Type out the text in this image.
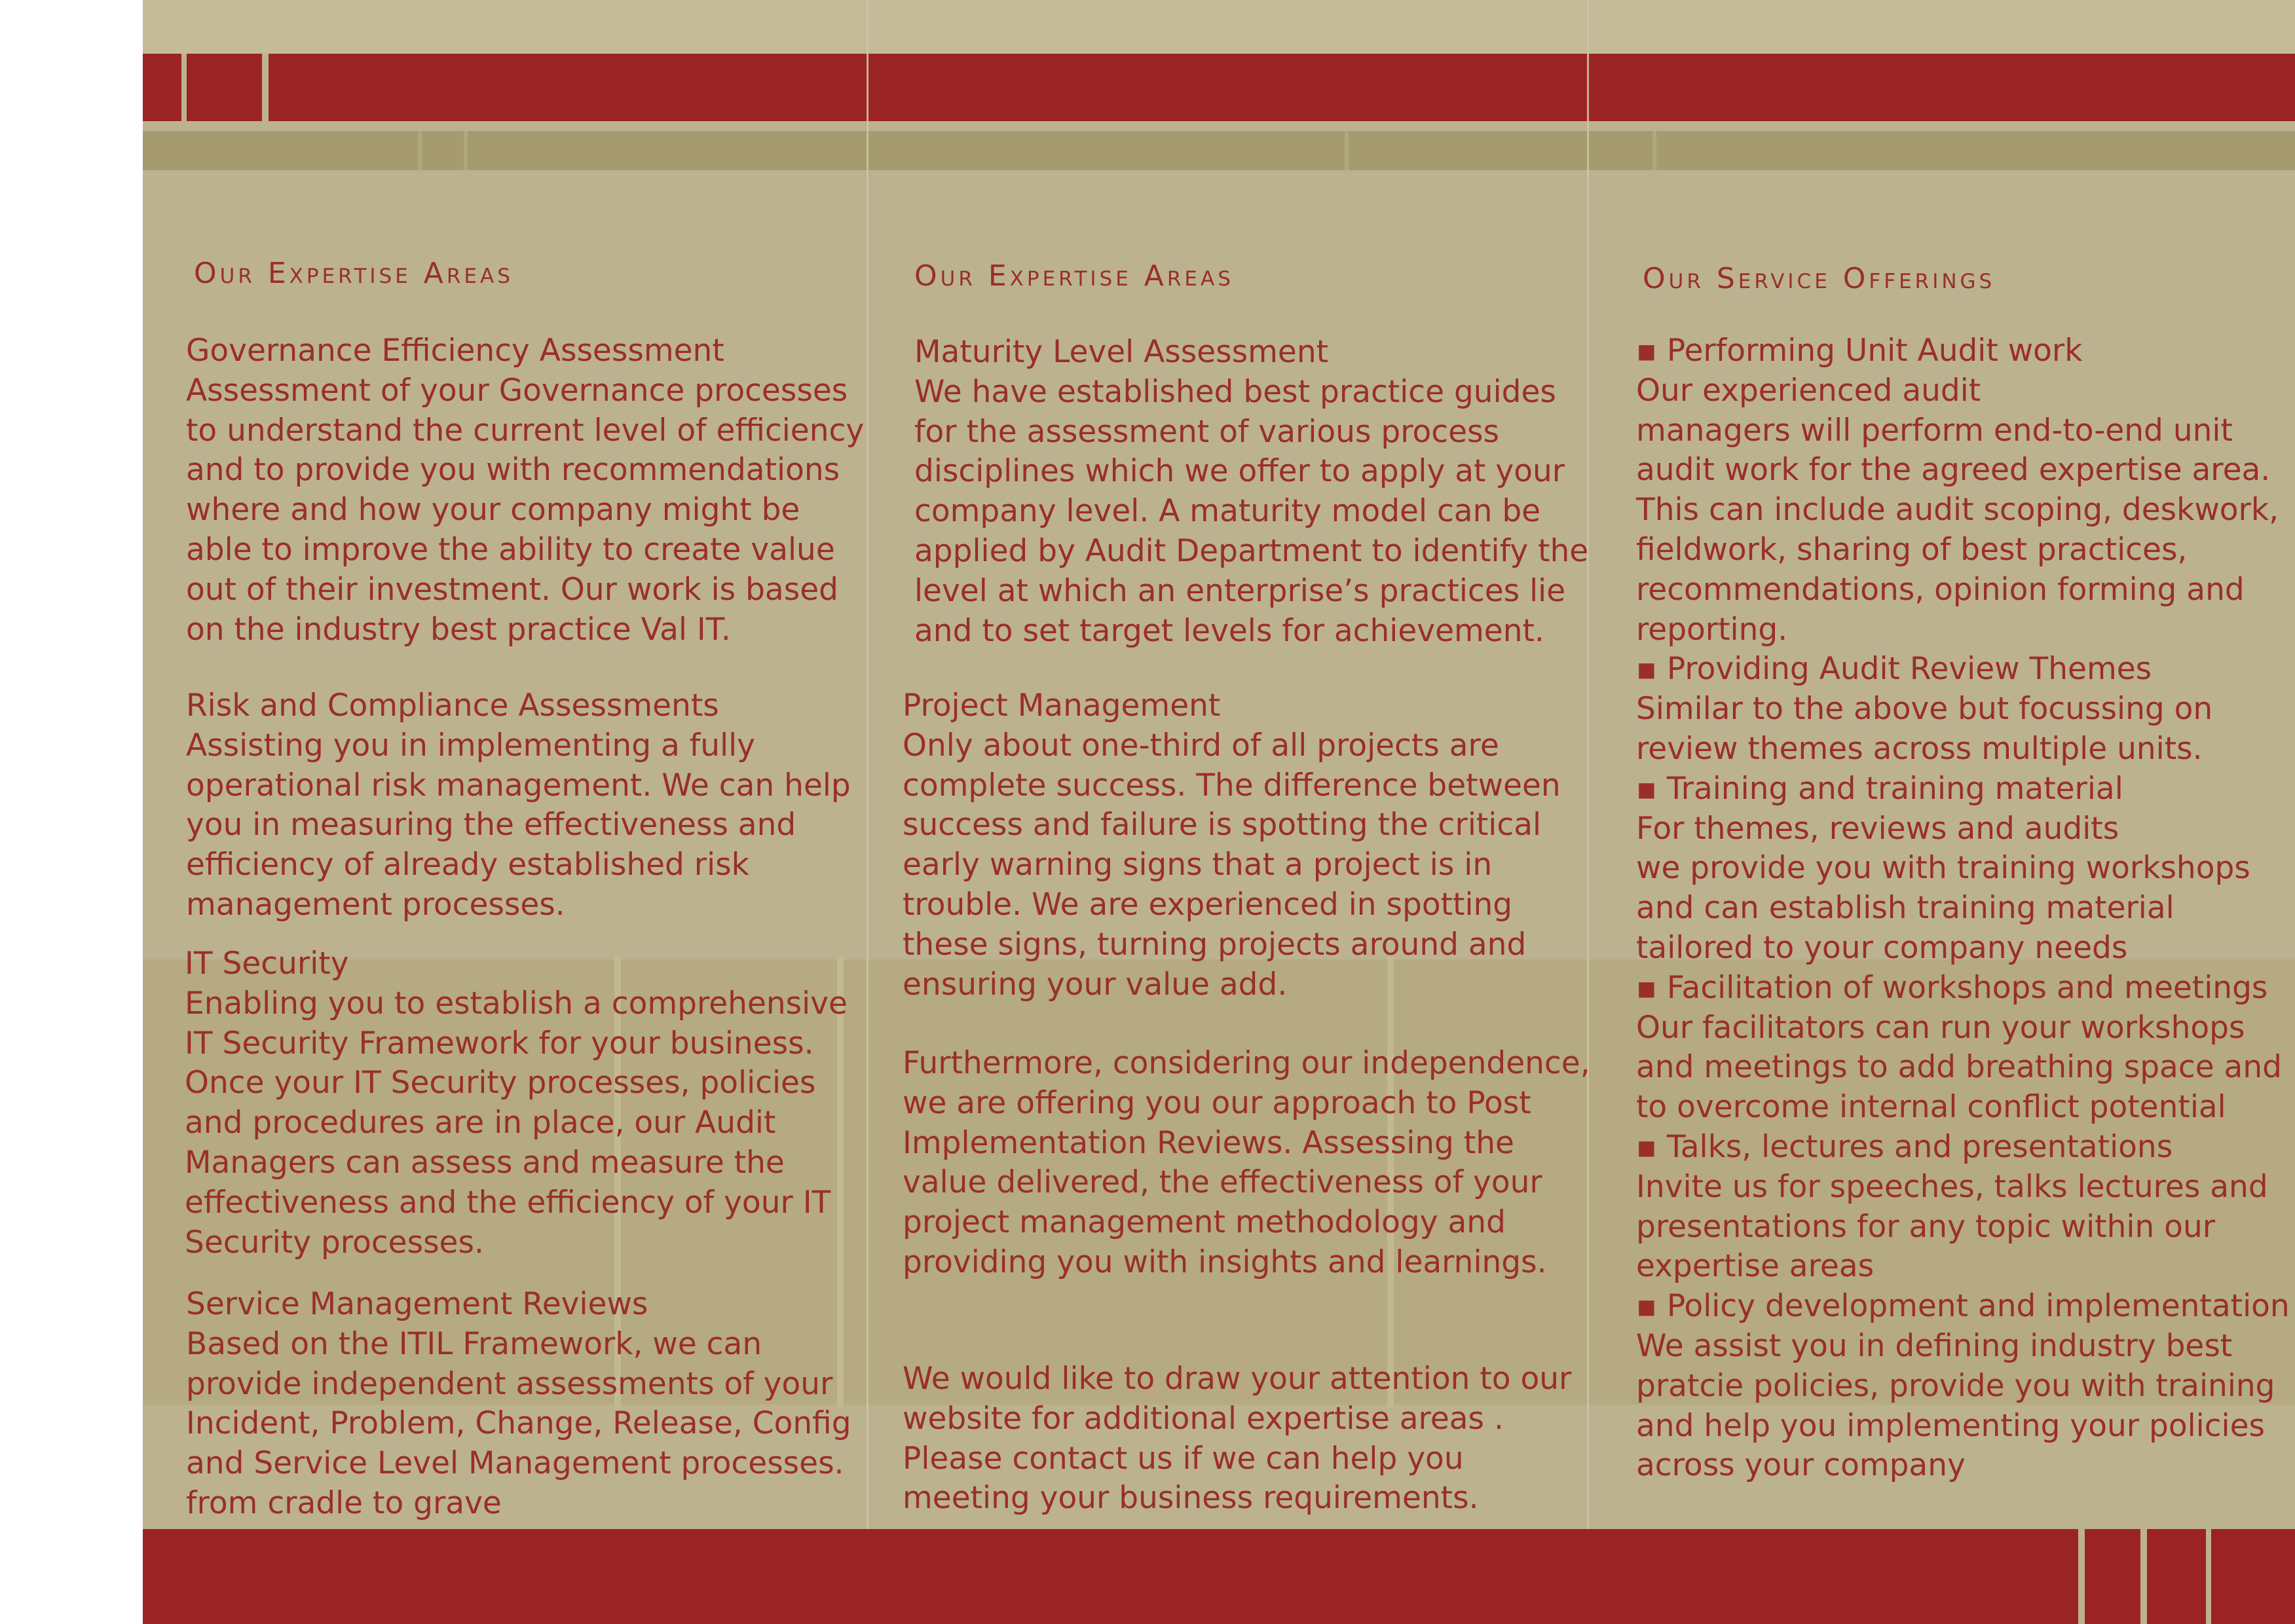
Our Expertise Areas
Governance Efficiency Assessment
Assessment of your Governance processes
to understand the current level of efficiency
and to provide you with recommendations
where and how your company might be
able to improve the ability to create value
out of their investment. Our work is based
on the industry best practice Val IT.
Risk and Compliance Assessments
Assisting you in implementing a fully
operational risk management. We can help
you in measuring the effectiveness and
efficiency of already established risk
management processes.
IT Security
Enabling you to establish a comprehensive
IT Security Framework for your business.
Once your IT Security processes, policies
and procedures are in place, our Audit
Managers can assess and measure the
effectiveness and the efficiency of your IT
Security processes.
Service Management Reviews
Based on the ITIL Framework, we can
provide independent assessments of your
Incident, Problem, Change, Release, Config
and Service Level Management processes.
from cradle to grave
Our Expertise Areas
Maturity Level Assessment
We have established best practice guides
for the assessment of various process
disciplines which we offer to apply at your
company level. A maturity model can be
applied by Audit Department to identify the
level at which an enterprise’s practices lie
and to set target levels for achievement.
Project Management
Only about one-third of all projects are
complete success. The difference between
success and failure is spotting the critical
early warning signs that a project is in
trouble. We are experienced in spotting
these signs, turning projects around and
ensuring your value add.
Furthermore, considering our independence,
we are offering you our approach to Post
Implementation Reviews. Assessing the
value delivered, the effectiveness of your
project management methodology and
providing you with insights and learnings.
We would like to draw your attention to our
website for additional expertise areas .
Please contact us if we can help you
meeting your business requirements.
Our Service Offerings
▪ Performing Unit Audit work
Our experienced audit
managers will perform end-to-end unit
audit work for the agreed expertise area.
This can include audit scoping, deskwork,
fieldwork, sharing of best practices,
recommendations, opinion forming and
reporting.
▪ Providing Audit Review Themes
Similar to the above but focussing on
review themes across multiple units.
▪ Training and training material
For themes, reviews and audits
we provide you with training workshops
and can establish training material
tailored to your company needs
▪ Facilitation of workshops and meetings
Our facilitators can run your workshops
and meetings to add breathing space and
to overcome internal conflict potential
▪ Talks, lectures and presentations
Invite us for speeches, talks lectures and
presentations for any topic within our
expertise areas
▪ Policy development and implementation
We assist you in defining industry best
pratcie policies, provide you with training
and help you implementing your policies
across your company
